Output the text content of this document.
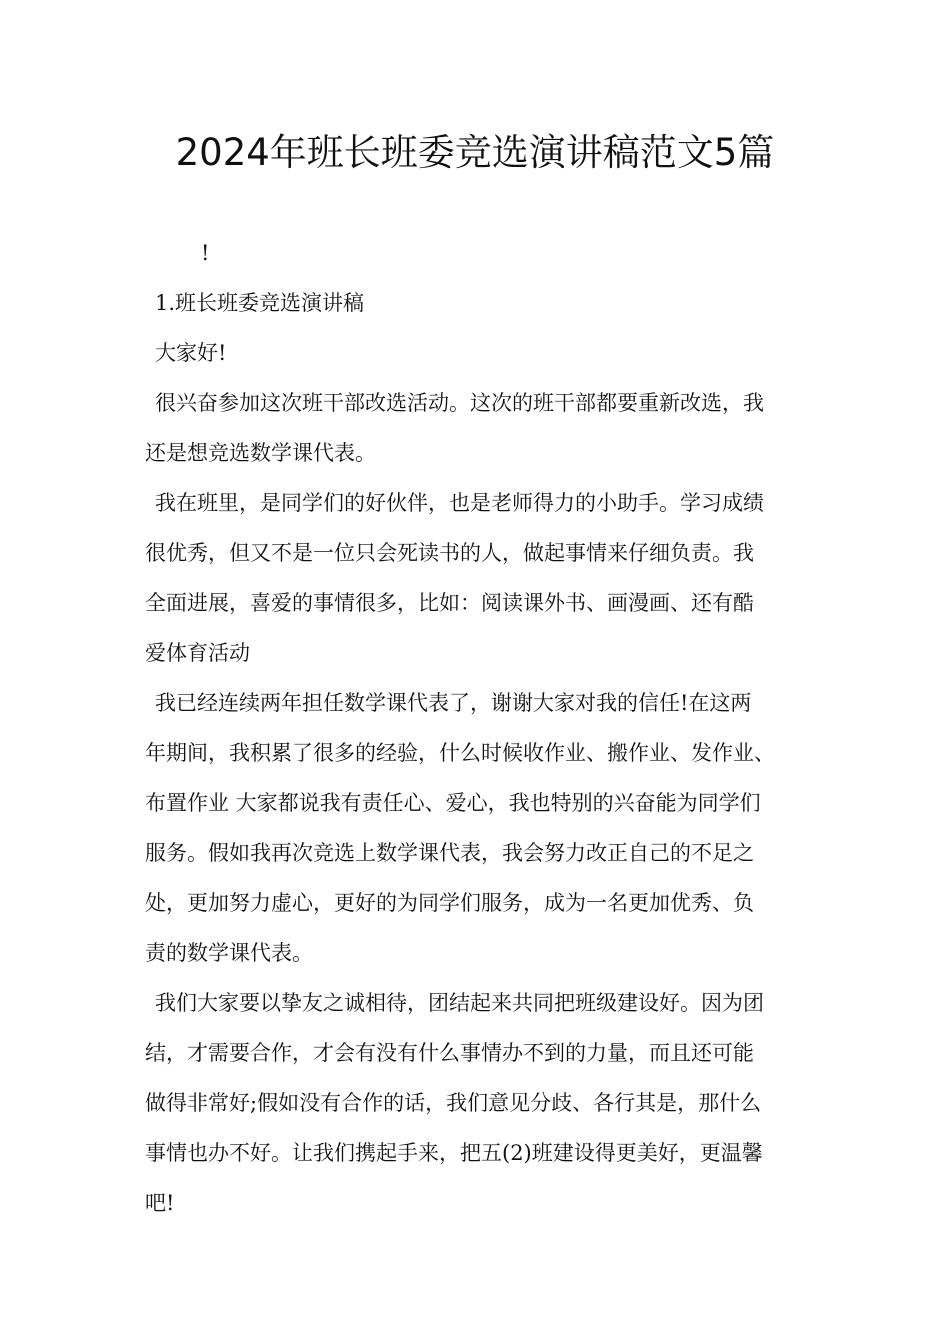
2024年班长班委竞选演讲稿范文5篇
!
1.班长班委竞选演讲稿
大家好!
很兴奋参加这次班干部改选活动。这次的班干部都要重新改选，我
还是想竞选数学课代表。
我在班里，是同学们的好伙伴，也是老师得力的小助手。学习成绩
很优秀，但又不是一位只会死读书的人，做起事情来仔细负责。我
全面进展，喜爱的事情很多，比如：阅读课外书、画漫画、还有酷
爱体育活动
我已经连续两年担任数学课代表了，谢谢大家对我的信任!在这两
年期间，我积累了很多的经验，什么时候收作业、搬作业、发作业、
布置作业 大家都说我有责任心、爱心，我也特别的兴奋能为同学们
服务。假如我再次竞选上数学课代表，我会努力改正自己的不足之
处，更加努力虚心，更好的为同学们服务，成为一名更加优秀、负
责的数学课代表。
我们大家要以挚友之诚相待，团结起来共同把班级建设好。因为团
结，才需要合作，才会有没有什么事情办不到的力量，而且还可能
做得非常好;假如没有合作的话，我们意见分歧、各行其是，那什么
事情也办不好。让我们携起手来，把五(2)班建设得更美好，更温馨
吧!
